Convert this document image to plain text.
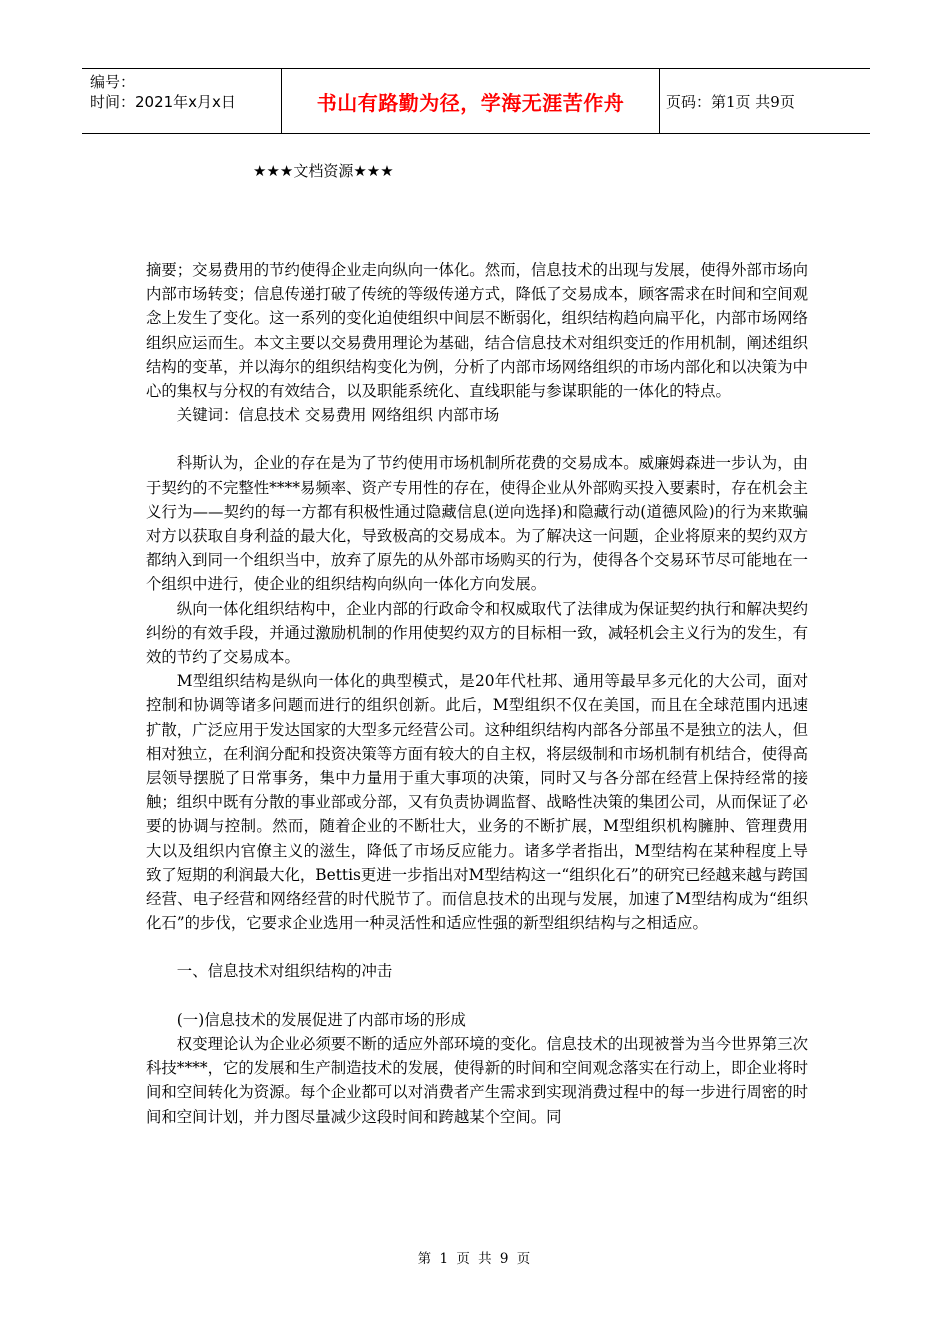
编号：
时间：2021年x月x日	书山有路勤为径，学海无涯苦作舟	页码：第1页 共9页
★★★文档资源★★★

摘要；交易费用的节约使得企业走向纵向一体化。然而，信息技术的出现与发展，使得外部市场向内部市场转变；信息传递打破了传统的等级传递方式，降低了交易成本，顾客需求在时间和空间观念上发生了变化。这一系列的变化迫使组织中间层不断弱化，组织结构趋向扁平化，内部市场网络组织应运而生。本文主要以交易费用理论为基础，结合信息技术对组织变迁的作用机制，阐述组织结构的变革，并以海尔的组织结构变化为例，分析了内部市场网络组织的市场内部化和以决策为中心的集权与分权的有效结合，以及职能系统化、直线职能与参谋职能的一体化的特点。

关键词：信息技术 交易费用 网络组织 内部市场

科斯认为，企业的存在是为了节约使用市场机制所花费的交易成本。威廉姆森进一步认为，由于契约的不完整性****易频率、资产专用性的存在，使得企业从外部购买投入要素时，存在机会主义行为——契约的每一方都有积极性通过隐藏信息(逆向选择)和隐藏行动(道德风险)的行为来欺骗对方以获取自身利益的最大化，导致极高的交易成本。为了解决这一问题，企业将原来的契约双方都纳入到同一个组织当中，放弃了原先的从外部市场购买的行为，使得各个交易环节尽可能地在一个组织中进行，使企业的组织结构向纵向一体化方向发展。

纵向一体化组织结构中，企业内部的行政命令和权威取代了法律成为保证契约执行和解决契约纠纷的有效手段，并通过激励机制的作用使契约双方的目标相一致，减轻机会主义行为的发生，有效的节约了交易成本。

M型组织结构是纵向一体化的典型模式，是20年代杜邦、通用等最早多元化的大公司，面对控制和协调等诸多问题而进行的组织创新。此后，M型组织不仅在美国，而且在全球范围内迅速扩散，广泛应用于发达国家的大型多元经营公司。这种组织结构内部各分部虽不是独立的法人，但相对独立，在利润分配和投资决策等方面有较大的自主权，将层级制和市场机制有机结合，使得高层领导摆脱了日常事务，集中力量用于重大事项的决策，同时又与各分部在经营上保持经常的接触；组织中既有分散的事业部或分部，又有负责协调监督、战略性决策的集团公司，从而保证了必要的协调与控制。然而，随着企业的不断壮大，业务的不断扩展，M型组织机构臃肿、管理费用大以及组织内官僚主义的滋生，降低了市场反应能力。诸多学者指出，M型结构在某种程度上导致了短期的利润最大化，Bettis更进一步指出对M型结构这一“组织化石”的研究已经越来越与跨国经营、电子经营和网络经营的时代脱节了。而信息技术的出现与发展，加速了M型结构成为“组织化石”的步伐，它要求企业选用一种灵活性和适应性强的新型组织结构与之相适应。

一、信息技术对组织结构的冲击

(一)信息技术的发展促进了内部市场的形成

权变理论认为企业必须要不断的适应外部环境的变化。信息技术的出现被誉为当今世界第三次科技****，它的发展和生产制造技术的发展，使得新的时间和空间观念落实在行动上，即企业将时间和空间转化为资源。每个企业都可以对消费者产生需求到实现消费过程中的每一步进行周密的时间和空间计划，并力图尽量减少这段时间和跨越某个空间。同

第 1 页 共 9 页
